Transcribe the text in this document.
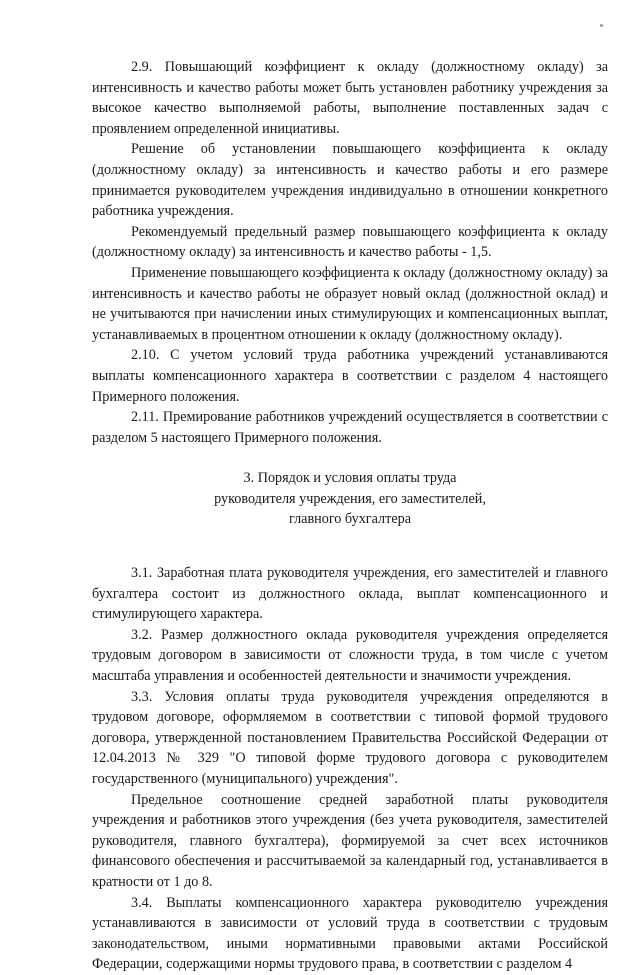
2.9. Повышающий коэффициент к окладу (должностному окладу) за интенсивность и качество работы может быть установлен работнику учреждения за высокое качество выполняемой работы, выполнение поставленных задач с проявлением определенной инициативы.

Решение об установлении повышающего коэффициента к окладу (должностному окладу) за интенсивность и качество работы и его размере принимается руководителем учреждения индивидуально в отношении конкретного работника учреждения.

Рекомендуемый предельный размер повышающего коэффициента к окладу (должностному окладу) за интенсивность и качество работы - 1,5.

Применение повышающего коэффициента к окладу (должностному окладу) за интенсивность и качество работы не образует новый оклад (должностной оклад) и не учитываются при начислении иных стимулирующих и компенсационных выплат, устанавливаемых в процентном отношении к окладу (должностному окладу).

2.10. С учетом условий труда работника учреждений устанавливаются выплаты компенсационного характера в соответствии с разделом 4 настоящего Примерного положения.

2.11. Премирование работников учреждений осуществляется в соответствии с разделом 5 настоящего Примерного положения.

3. Порядок и условия оплаты труда
руководителя учреждения, его заместителей,
главного бухгалтера

3.1. Заработная плата руководителя учреждения, его заместителей и главного бухгалтера состоит из должностного оклада, выплат компенсационного и стимулирующего характера.

3.2. Размер должностного оклада руководителя учреждения определяется трудовым договором в зависимости от сложности труда, в том числе с учетом масштаба управления и особенностей деятельности и значимости учреждения.

3.3. Условия оплаты труда руководителя учреждения определяются в трудовом договоре, оформляемом в соответствии с типовой формой трудового договора, утвержденной постановлением Правительства Российской Федерации от 12.04.2013 № 329 "О типовой форме трудового договора с руководителем государственного (муниципального) учреждения".

Предельное соотношение средней заработной платы руководителя учреждения и работников этого учреждения (без учета руководителя, заместителей руководителя, главного бухгалтера), формируемой за счет всех источников финансового обеспечения и рассчитываемой за календарный год, устанавливается в кратности от 1 до 8.

3.4. Выплаты компенсационного характера руководителю учреждения устанавливаются в зависимости от условий труда в соответствии с трудовым законодательством, иными нормативными правовыми актами Российской Федерации, содержащими нормы трудового права, в соответствии с разделом 4
